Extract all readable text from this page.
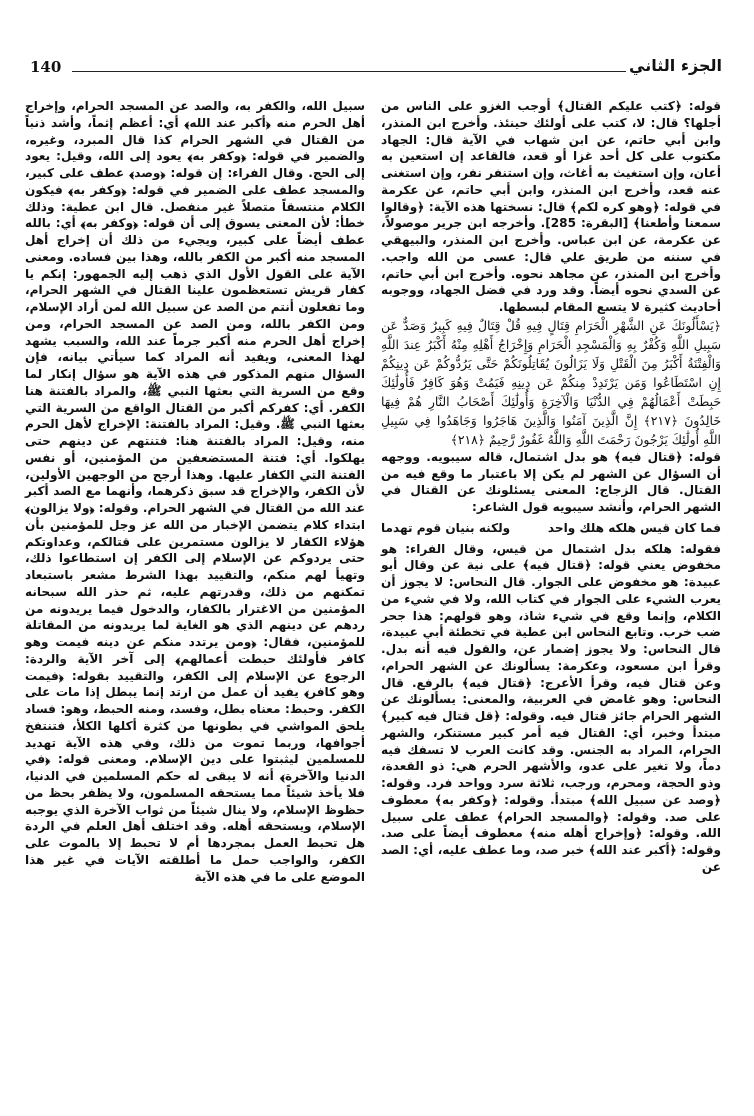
140	الجزء الثاني

قوله: ﴿كتب عليكم القتال﴾ أوجب الغزو على الناس من أجلها؟ قال: لا، كتب على أولئك حينئذ. وأخرج ابن المنذر، وابن أبي حاتم، عن ابن شهاب في الآية قال: الجهاد مكتوب على كل أحد غزا أو قعد، فالقاعد إن استعين به أعان، وإن استغيث به أغاث، وإن استنفر نفر، وإن استغنى عنه قعد، وأخرج ابن المنذر، وابن أبي حاتم، عن عكرمة في قوله: ﴿وهو كره لكم﴾ قال: نسختها هذه الآية: ﴿وقالوا سمعنا وأطعنا﴾ [البقرة: 285]. وأخرجه ابن جرير موصولاً، عن عكرمة، عن ابن عباس. وأخرج ابن المنذر، والبيهقي في سننه من طريق علي قال: عسى من الله واجب. وأخرج ابن المنذر، عن مجاهد نحوه. وأخرج ابن أبي حاتم، عن السدي نحوه أيضاً. وقد ورد في فضل الجهاد، ووجوبه أحاديث كثيرة لا يتسع المقام لبسطها.

﴿يَسْأَلُونَكَ عَنِ الشَّهْرِ الْحَرَامِ قِتَالٍ فِيهِ قُلْ قِتَالٌ فِيهِ كَبِيرٌ وَصَدٌّ عَن سَبِيلِ اللَّهِ وَكُفْرٌ بِهِ وَالْمَسْجِدِ الْحَرَامِ وَإِخْرَاجُ أَهْلِهِ مِنْهُ أَكْبَرُ عِندَ اللَّهِ وَالْفِتْنَةُ أَكْبَرُ مِنَ الْقَتْلِ وَلَا يَزَالُونَ يُقَاتِلُونَكُمْ حَتَّى يَرُدُّوكُمْ عَن دِينِكُمْ إِنِ اسْتَطَاعُوا وَمَن يَرْتَدِدْ مِنكُمْ عَن دِينِهِ فَيَمُتْ وَهُوَ كَافِرٌ فَأُولَٰئِكَ حَبِطَتْ أَعْمَالُهُمْ فِي الدُّنْيَا وَالْآخِرَةِ وَأُولَٰئِكَ أَصْحَابُ النَّارِ هُمْ فِيهَا خَالِدُونَ ﴿٢١٧﴾ إِنَّ الَّذِينَ آمَنُوا وَالَّذِينَ هَاجَرُوا وَجَاهَدُوا فِي سَبِيلِ اللَّهِ أُولَٰئِكَ يَرْجُونَ رَحْمَتَ اللَّهِ وَاللَّهُ غَفُورٌ رَّحِيمٌ ﴿٢١٨﴾

قوله: ﴿قتال فيه﴾ هو بدل اشتمال، قاله سيبويه. ووجهه أن السؤال عن الشهر لم يكن إلا باعتبار ما وقع فيه من القتال. قال الزجاج: المعنى يسئلونك عن القتال في الشهر الحرام، وأنشد سيبويه قول الشاعر:

فما كان قيس هلكه هلك واحد
ولكنه بنيان قوم تهدما

فقوله: هلكه بدل اشتمال من قيس، وقال الفراء: هو مخفوض يعني قوله: ﴿قتال فيه﴾ على نية عن وقال أبو عبيدة: هو مخفوض على الجوار. قال النحاس: لا يجوز أن يعرب الشيء على الجوار في كتاب الله، ولا في شيء من الكلام، وإنما وقع في شيء شاذ، وهو قولهم: هذا جحر ضب خرب. وتابع النحاس ابن عطية في تخطئة أبي عبيدة، قال النحاس: ولا يجوز إضمار عن، والقول فيه أنه بدل. وقرأ ابن مسعود، وعكرمة: يسألونك عن الشهر الحرام، وعن قتال فيه، وقرأ الأعرج: ﴿قتال فيه﴾ بالرفع. قال النحاس: وهو غامض في العربية، والمعنى: يسألونك عن الشهر الحرام جائز قتال فيه. وقوله: ﴿قل قتال فيه كبير﴾ مبتدأ وخبر، أي: القتال فيه أمر كبير مستنكر، والشهر الحرام، المراد به الجنس. وقد كانت العرب لا تسفك فيه دماً، ولا تغير على عدو، والأشهر الحرم هي: ذو القعدة، وذو الحجة، ومحرم، ورجب، ثلاثة سرد وواحد فرد. وقوله: ﴿وصد عن سبيل الله﴾ مبتدأ. وقوله: ﴿وكفر به﴾ معطوف على صد. وقوله: ﴿والمسجد الحرام﴾ عطف على سبيل الله. وقوله: ﴿وإخراج أهله منه﴾ معطوف أيضاً على صد. وقوله: ﴿أكبر عند الله﴾ خبر صد، وما عطف عليه، أي: الصد عن

سبيل الله، والكفر به، والصد عن المسجد الحرام، وإخراج أهل الحرم منه ﴿أكبر عند الله﴾ أي: أعظم إثماً، وأشد ذنباً من القتال في الشهر الحرام كذا قال المبرد، وغيره، والضمير في قوله: ﴿وكفر به﴾ يعود إلى الله، وقيل: يعود إلى الحج. وقال الفراء: إن قوله: ﴿وصد﴾ عطف على كبير، والمسجد عطف على الضمير في قوله: ﴿وكفر به﴾ فيكون الكلام منتسقاً متصلاً غير منفصل. قال ابن عطية: وذلك خطأ: لأن المعنى يسوق إلى أن قوله: ﴿وكفر به﴾ أي: بالله عطف أيضاً على كبير، ويجيء من ذلك أن إخراج أهل المسجد منه أكبر من الكفر بالله، وهذا بين فساده. ومعنى الآية على القول الأول الذي ذهب إليه الجمهور: إنكم يا كفار قريش تستعظمون علينا القتال في الشهر الحرام، وما تفعلون أنتم من الصد عن سبيل الله لمن أراد الإسلام، ومن الكفر بالله، ومن الصد عن المسجد الحرام، ومن إخراج أهل الحرم منه أكبر جرماً عند الله، والسبب يشهد لهذا المعنى، ويفيد أنه المراد كما سيأتي بيانه، فإن السؤال منهم المذكور في هذه الآية هو سؤال إنكار لما وقع من السرية التي بعثها النبي ﷺ، والمراد بالفتنة هنا الكفر. أي: كفركم أكبر من القتال الواقع من السرية التي بعثها النبي ﷺ. وقيل: المراد بالفتنة: الإخراج لأهل الحرم منه، وقيل: المراد بالفتنة هنا: فتنتهم عن دينهم حتى يهلكوا. أي: فتنة المستضعفين من المؤمنين، أو نفس الفتنة التي الكفار عليها. وهذا أرجح من الوجهين الأولين، لأن الكفر، والإخراج قد سبق ذكرهما، وأنهما مع الصد أكبر عند الله من القتال في الشهر الحرام. وقوله: ﴿ولا يزالون﴾ ابتداء كلام يتضمن الإخبار من الله عز وجل للمؤمنين بأن هؤلاء الكفار لا يزالون مستمرين على قتالكم، وعداوتكم حتى يردوكم عن الإسلام إلى الكفر إن استطاعوا ذلك، وتهيأ لهم منكم، والتقييد بهذا الشرط مشعر باستبعاد تمكنهم من ذلك، وقدرتهم عليه، ثم حذر الله سبحانه المؤمنين من الاغترار بالكفار، والدخول فيما يريدونه من ردهم عن دينهم الذي هو الغاية لما يريدونه من المقاتلة للمؤمنين، فقال: ﴿ومن يرتدد منكم عن دينه فيمت وهو كافر فأولئك حبطت أعمالهم﴾ إلى آخر الآية والردة: الرجوع عن الإسلام إلى الكفر، والتقييد بقوله: ﴿فيمت وهو كافر﴾ يفيد أن عمل من ارتد إنما يبطل إذا مات على الكفر. وحبط: معناه بطل، وفسد، ومنه الحبط، وهو: فساد يلحق المواشي في بطونها من كثرة أكلها الكلأ، فتنتفخ أجوافها، وربما تموت من ذلك، وفي هذه الآية تهديد للمسلمين ليثبتوا على دين الإسلام. ومعنى قوله: ﴿في الدنيا والآخرة﴾ أنه لا يبقى له حكم المسلمين في الدنيا، فلا يأخذ شيئاً مما يستحقه المسلمون، ولا يظفر بحظ من حظوظ الإسلام، ولا ينال شيئاً من ثواب الآخرة الذي يوجبه الإسلام، ويستحقه أهله. وقد اختلف أهل العلم في الردة هل تحبط العمل بمجردها أم لا تحبط إلا بالموت على الكفر، والواجب حمل ما أطلقته الآيات في غير هذا الموضع على ما في هذه الآية
